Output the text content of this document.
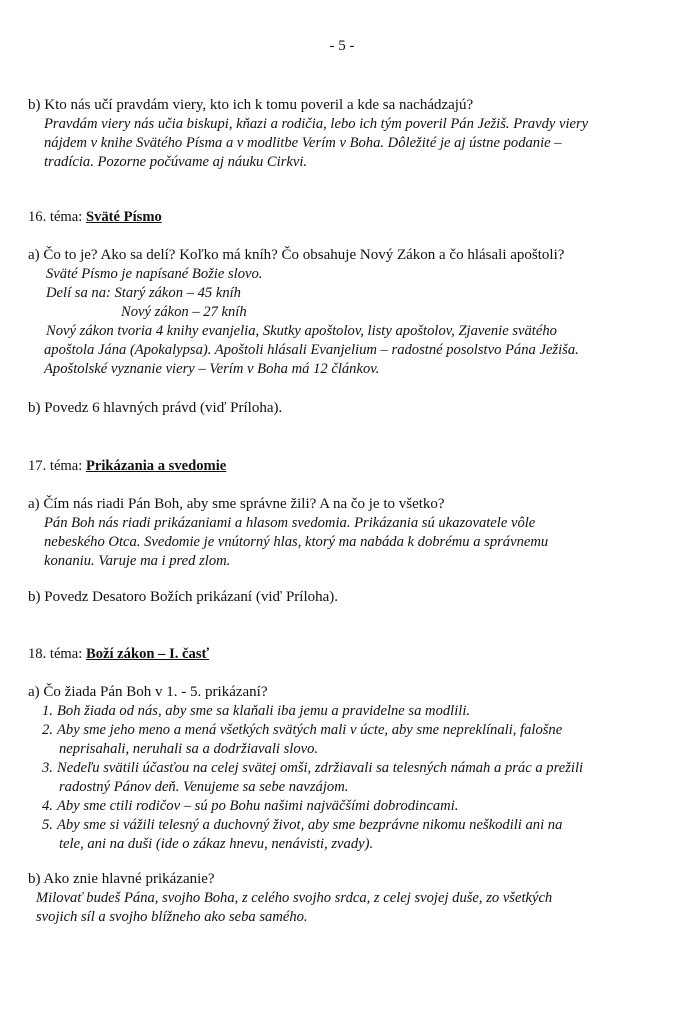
- 5 -
b) Kto nás učí pravdám viery, kto ich k tomu poveril a kde sa nachádzajú?
Pravdám viery nás učia biskupi, kňazi a rodičia, lebo ich tým poveril Pán Ježiš. Pravdy viery
nájdem v knihe Svätého Písma a v modlitbe Verím v Boha. Dôležité je aj ústne podanie –
tradícia. Pozorne počúvame aj náuku Cirkvi.
16. téma: Sväté Písmo
a) Čo to je? Ako sa delí? Koľko má kníh? Čo obsahuje Nový Zákon a čo hlásali apoštoli?
Sväté Písmo je napísané Božie slovo.
Delí sa na: Starý zákon – 45 kníh
Nový zákon – 27 kníh
Nový zákon tvoria 4 knihy evanjelia, Skutky apoštolov, listy apoštolov, Zjavenie svätého
apoštola Jána (Apokalypsa). Apoštoli hlásali Evanjelium – radostné posolstvo Pána Ježiša.
Apoštolské vyznanie viery – Verím v Boha má 12 článkov.
b) Povedz 6 hlavných právd (viď Príloha).
17. téma: Prikázania a svedomie
a) Čím nás riadi Pán Boh, aby sme správne žili? A na čo je to všetko?
Pán Boh nás riadi prikázaniami a hlasom svedomia. Prikázania sú ukazovatele vôle
nebeského Otca. Svedomie je vnútorný hlas, ktorý ma nabáda k dobrému a správnemu
konaniu. Varuje ma i pred zlom.
b) Povedz Desatoro Božích prikázaní (viď Príloha).
18. téma: Boží zákon – I. časť
a) Čo žiada Pán Boh v 1. - 5. prikázaní?
1. Boh žiada od nás, aby sme sa klaňali iba jemu a pravidelne sa modlili.
2. Aby sme jeho meno a mená všetkých svätých mali v úcte, aby sme nepreklínali, falošne
neprisahali, neruhali sa a dodržiavali slovo.
3. Nedeľu svätili účasťou na celej svätej omši, zdržiavali sa telesných námah a prác a prežili
radostný Pánov deň. Venujeme sa sebe navzájom.
4. Aby sme ctili rodičov – sú po Bohu našimi najväčšími dobrodincami.
5. Aby sme si vážili telesný a duchovný život, aby sme bezprávne nikomu neškodili ani na
tele, ani na duši (ide o zákaz hnevu, nenávisti, zvady).
b) Ako znie hlavné prikázanie?
Milovať budeš Pána, svojho Boha, z celého svojho srdca, z celej svojej duše, zo všetkých
svojich síl a svojho blížneho ako seba samého.
